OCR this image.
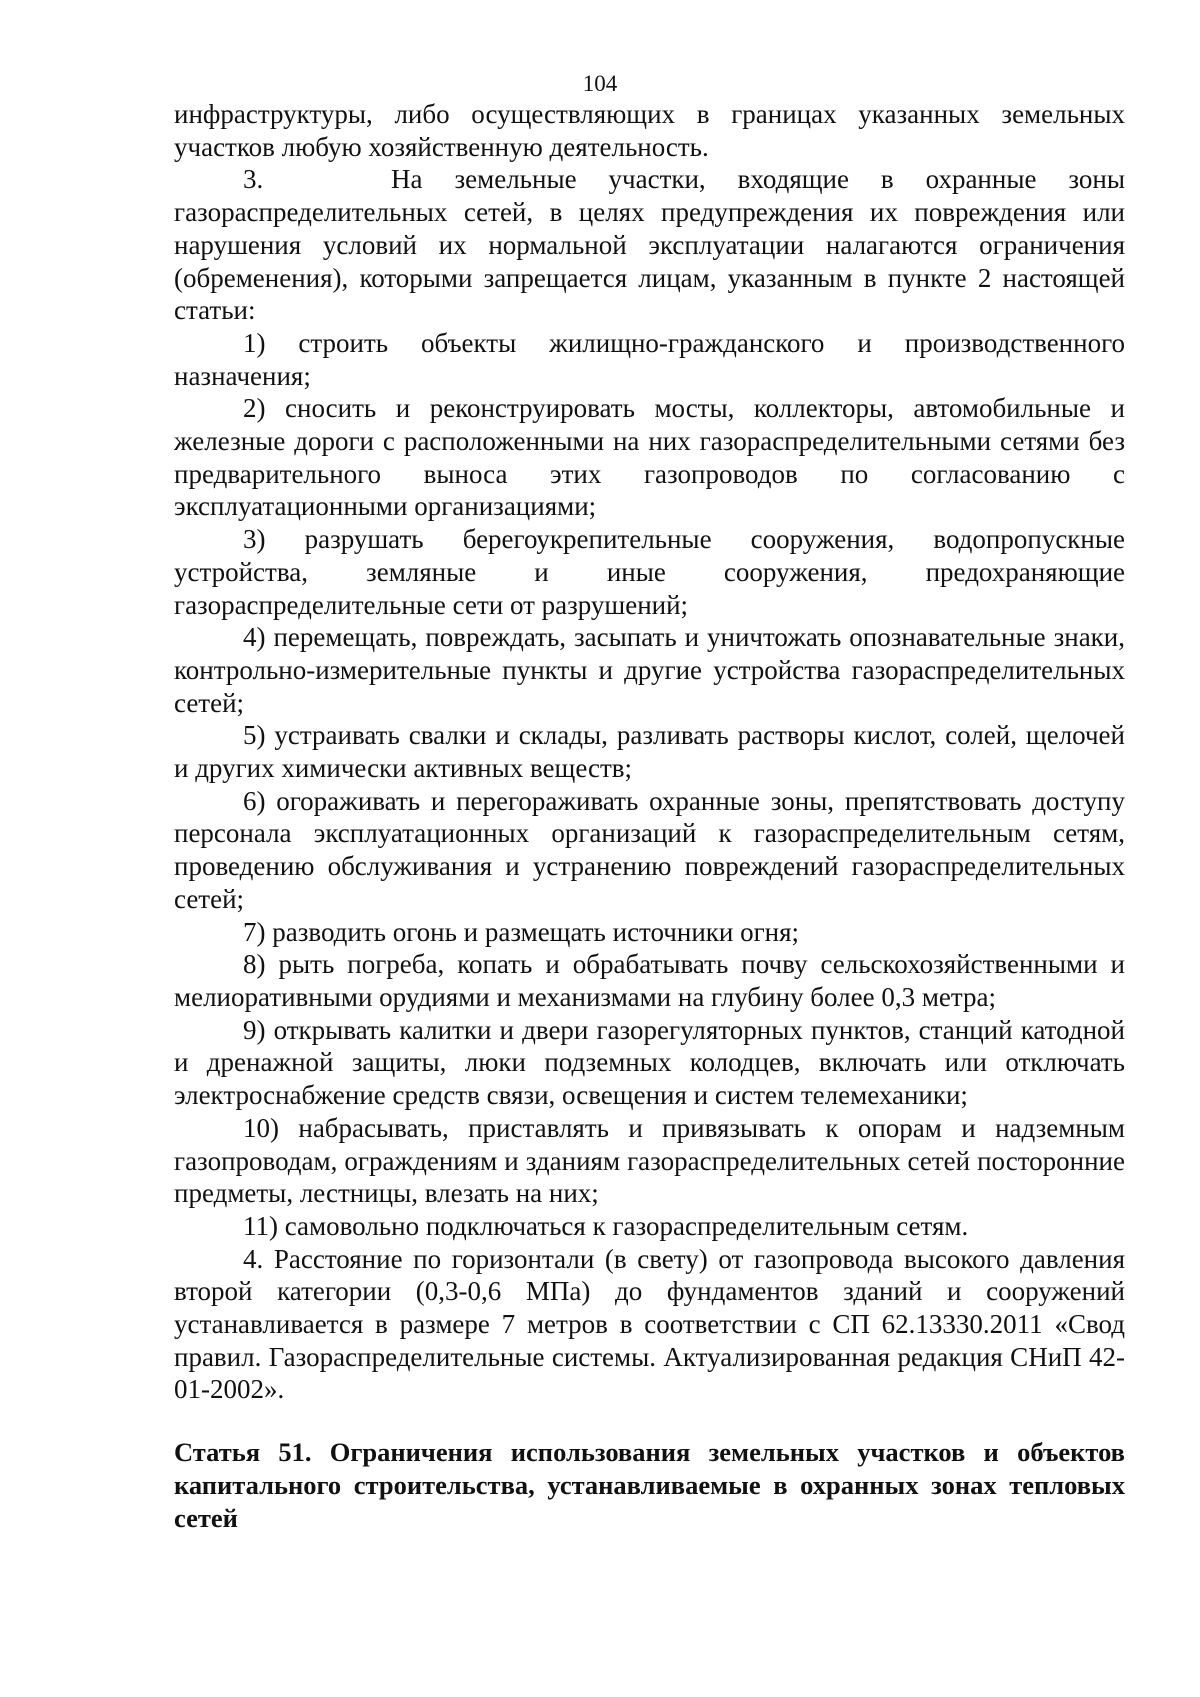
104

инфраструктуры, либо осуществляющих в границах указанных земельных участков любую хозяйственную деятельность.

3.    На земельные участки, входящие в охранные зоны газораспределительных сетей, в целях предупреждения их повреждения или нарушения условий их нормальной эксплуатации налагаются ограничения (обременения), которыми запрещается лицам, указанным в пункте 2 настоящей статьи:

1) строить объекты жилищно-гражданского и производственного назначения;

2) сносить и реконструировать мосты, коллекторы, автомобильные и железные дороги с расположенными на них газораспределительными сетями без предварительного выноса этих газопроводов по согласованию с эксплуатационными организациями;

3) разрушать берегоукрепительные сооружения, водопропускные устройства, земляные и иные сооружения, предохраняющие газораспределительные сети от разрушений;

4) перемещать, повреждать, засыпать и уничтожать опознавательные знаки, контрольно-измерительные пункты и другие устройства газораспределительных сетей;

5) устраивать свалки и склады, разливать растворы кислот, солей, щелочей и других химически активных веществ;

6) огораживать и перегораживать охранные зоны, препятствовать доступу персонала эксплуатационных организаций к газораспределительным сетям, проведению обслуживания и устранению повреждений газораспределительных сетей;

7) разводить огонь и размещать источники огня;

8) рыть погреба, копать и обрабатывать почву сельскохозяйственными и мелиоративными орудиями и механизмами на глубину более 0,3 метра;

9) открывать калитки и двери газорегуляторных пунктов, станций катодной и дренажной защиты, люки подземных колодцев, включать или отключать электроснабжение средств связи, освещения и систем телемеханики;

10) набрасывать, приставлять и привязывать к опорам и надземным газопроводам, ограждениям и зданиям газораспределительных сетей посторонние предметы, лестницы, влезать на них;

11) самовольно подключаться к газораспределительным сетям.

4. Расстояние по горизонтали (в свету) от газопровода высокого давления второй категории (0,3-0,6 МПа) до фундаментов зданий и сооружений устанавливается в размере 7 метров в соответствии с СП 62.13330.2011 «Свод правил. Газораспределительные системы. Актуализированная редакция СНиП 42-01-2002».

Статья 51. Ограничения использования земельных участков и объектов капитального строительства, устанавливаемые в охранных зонах тепловых сетей
